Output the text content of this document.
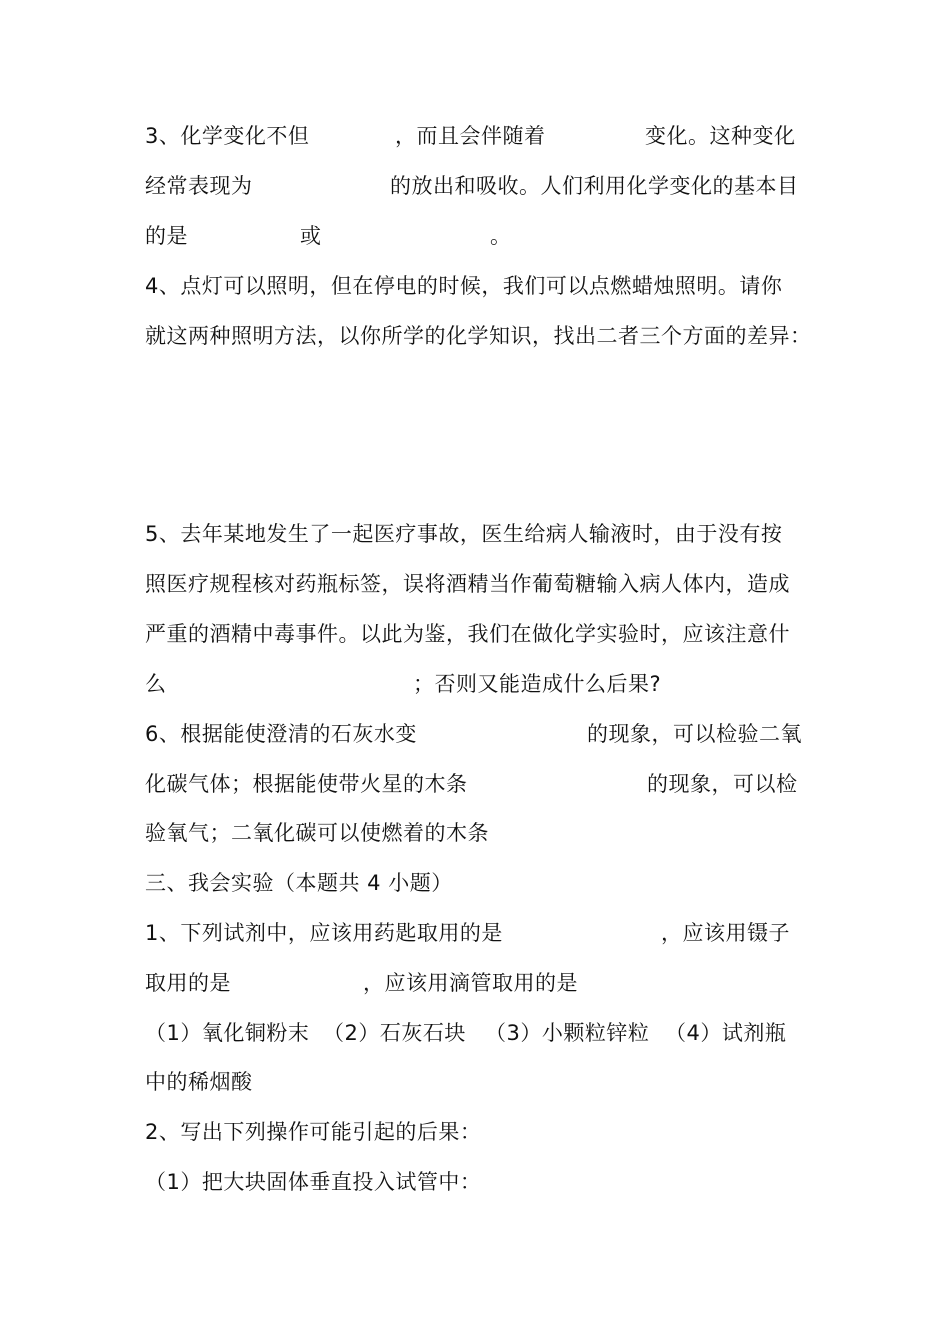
3、化学变化不但	，而且会伴随着	变化。这种变化
经常表现为	的放出和吸收。人们利用化学变化的基本目
的是	或	。
4、点灯可以照明，但在停电的时候，我们可以点燃蜡烛照明。请你
就这两种照明方法，以你所学的化学知识，找出二者三个方面的差异：
5、去年某地发生了一起医疗事故，医生给病人输液时，由于没有按
照医疗规程核对药瓶标签，误将酒精当作葡萄糖输入病人体内，造成
严重的酒精中毒事件。以此为鉴，我们在做化学实验时，应该注意什
么	；否则又能造成什么后果?
6、根据能使澄清的石灰水变	的现象，可以检验二氧
化碳气体；根据能使带火星的木条	的现象，可以检
验氧气；二氧化碳可以使燃着的木条
三、我会实验（本题共 4 小题）
1、下列试剂中，应该用药匙取用的是	，应该用镊子
取用的是	，应该用滴管取用的是
（1）氧化铜粉末 （2）石灰石块 （3）小颗粒锌粒 （4）试剂瓶
中的稀烟酸
2、写出下列操作可能引起的后果：
（1）把大块固体垂直投入试管中：
